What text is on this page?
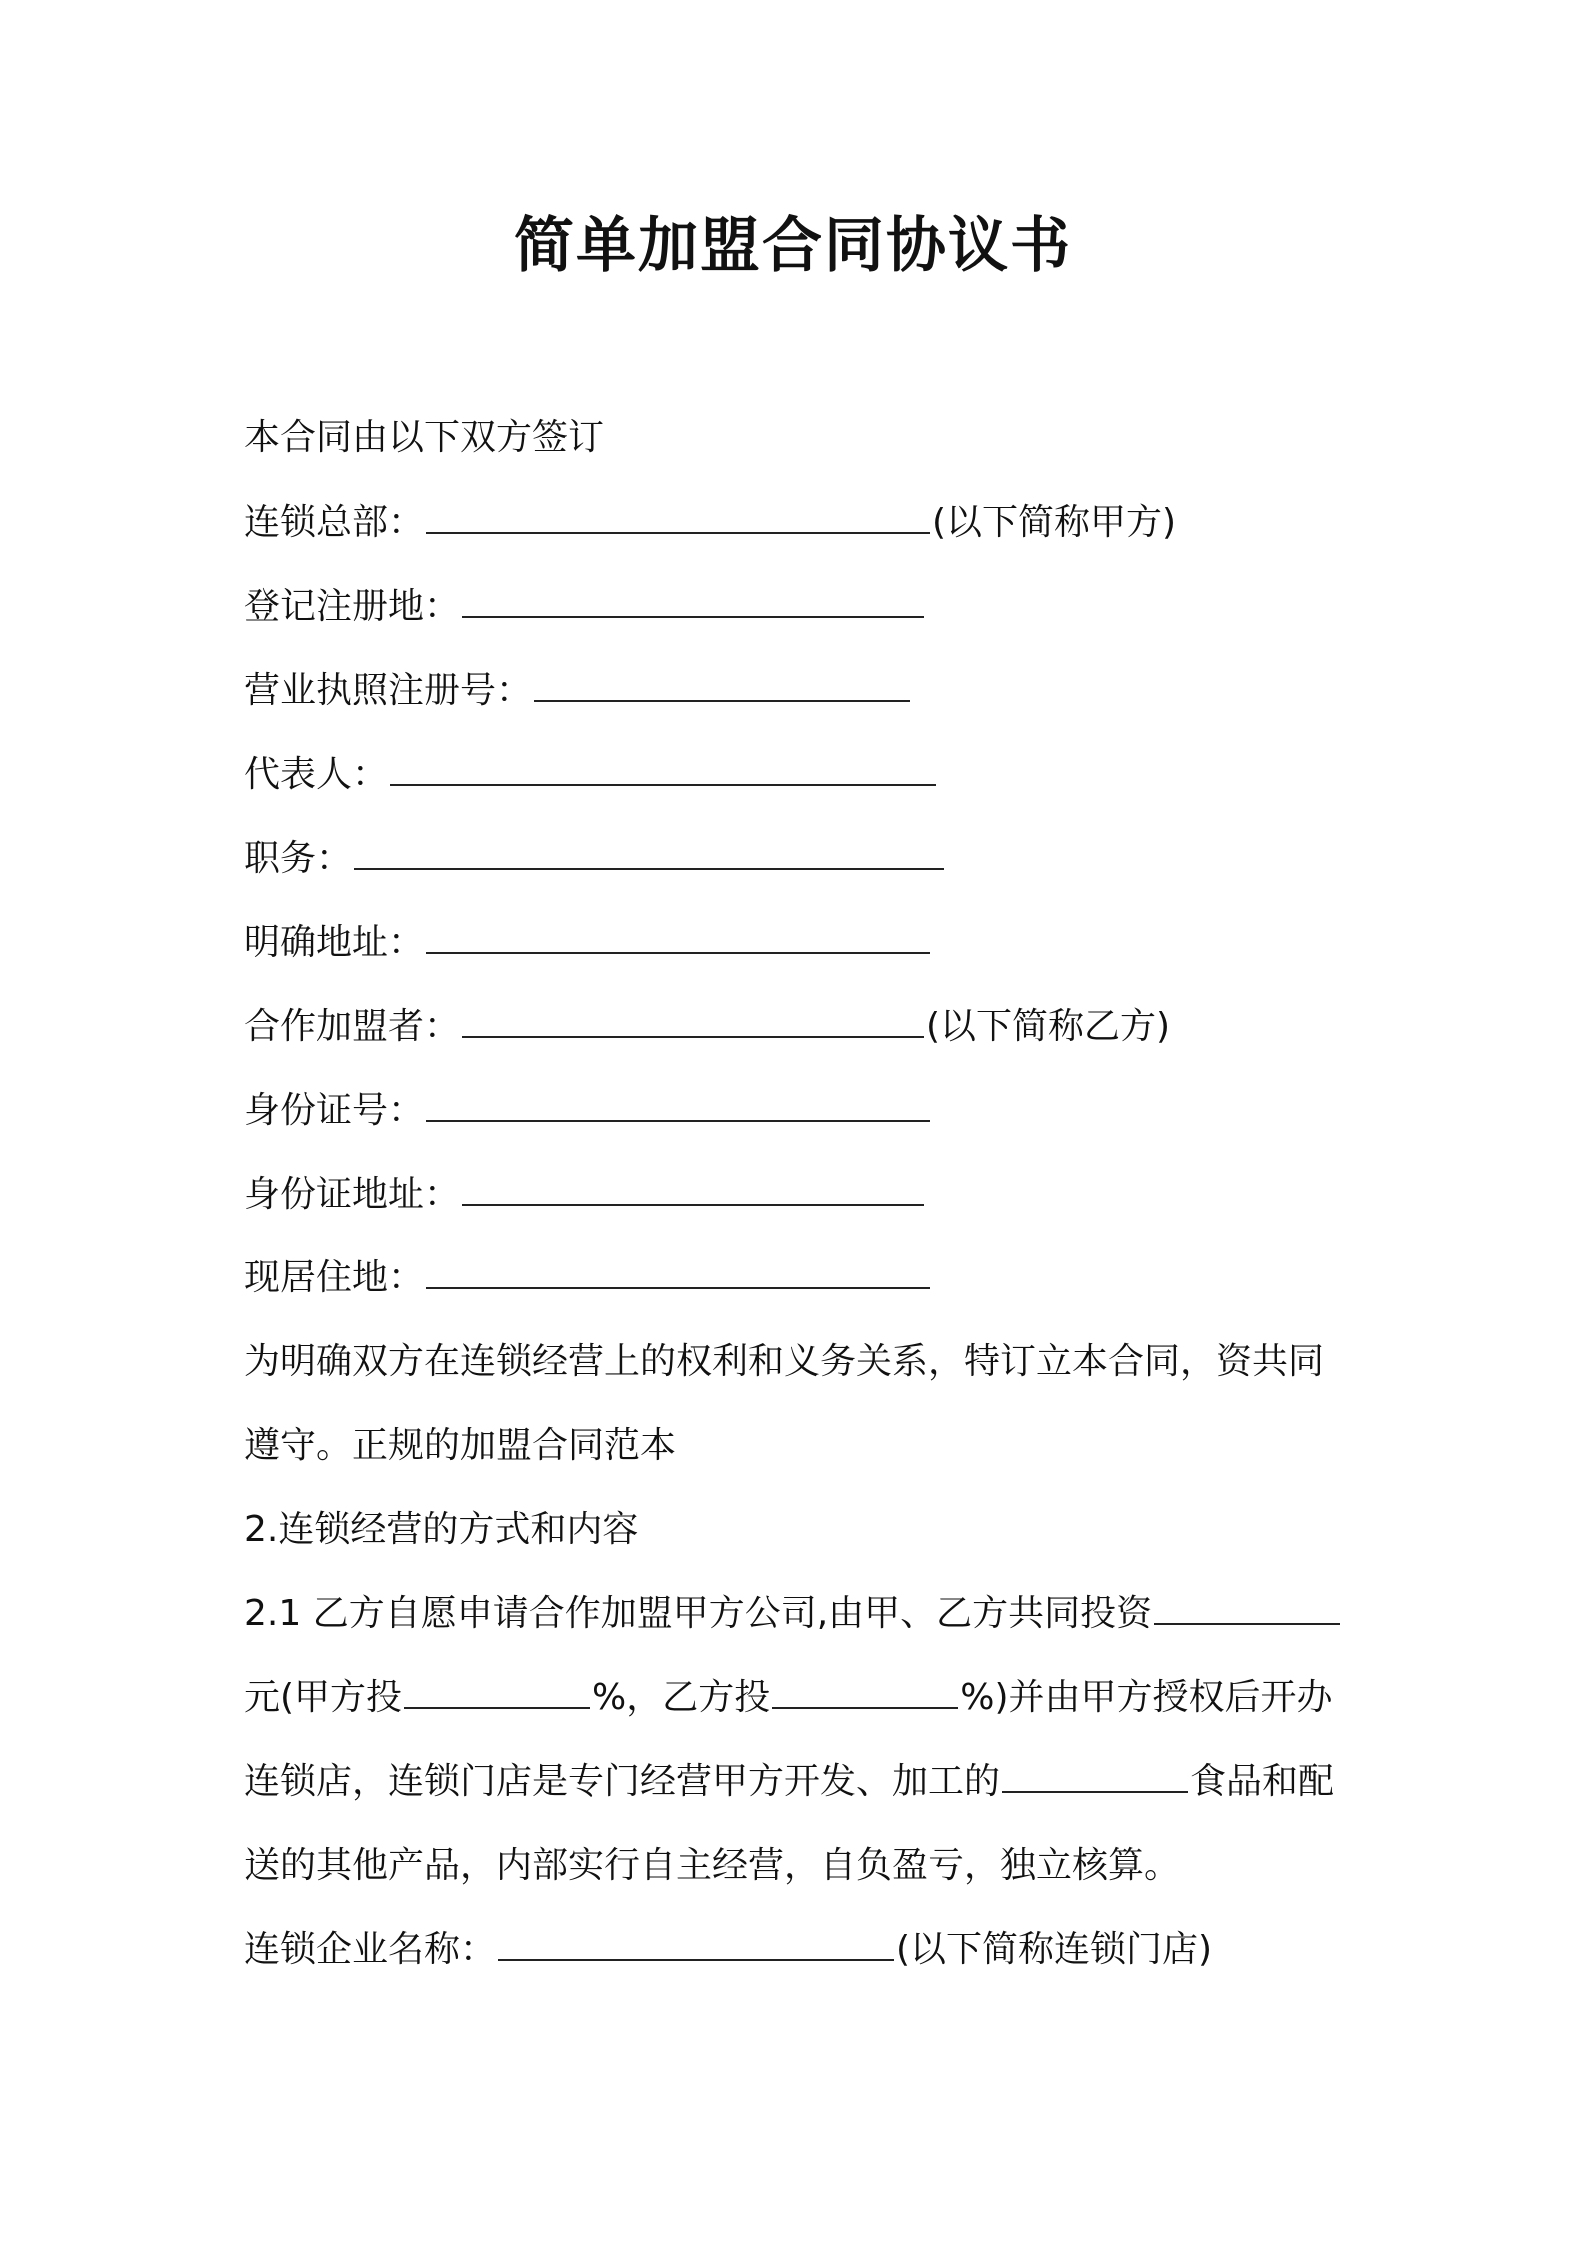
简单加盟合同协议书
本合同由以下双方签订
连锁总部：	(以下简称甲方)
登记注册地：
营业执照注册号：
代表人：
职务：
明确地址：
合作加盟者：	(以下简称乙方)
身份证号：
身份证地址：
现居住地：
为明确双方在连锁经营上的权利和义务关系，特订立本合同，资共同
遵守。正规的加盟合同范本
2.连锁经营的方式和内容
2.1 乙方自愿申请合作加盟甲方公司,由甲、乙方共同投资
元(甲方投	%，乙方投	%)并由甲方授权后开办
连锁店，连锁门店是专门经营甲方开发、加工的	食品和配
送的其他产品，内部实行自主经营，自负盈亏，独立核算。
连锁企业名称：	(以下简称连锁门店)
